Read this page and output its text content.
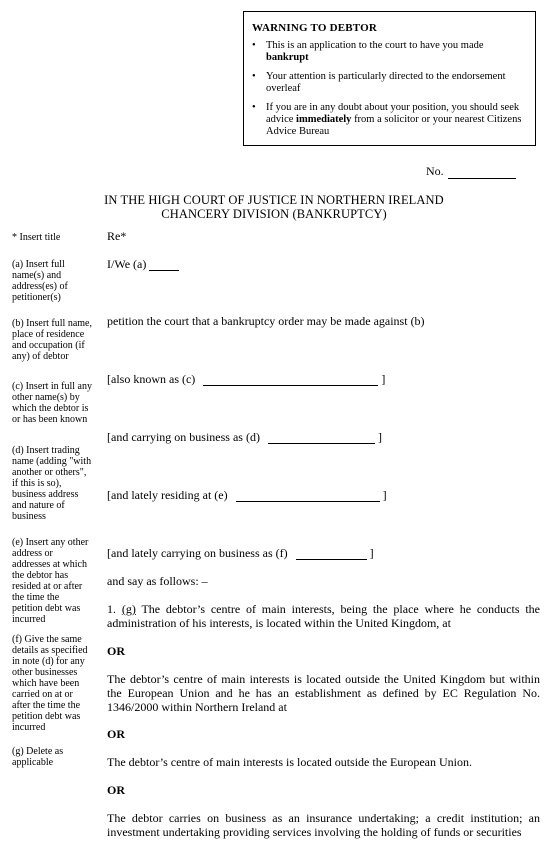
WARNING TO DEBTOR
• This is an application to the court to have you made bankrupt
• Your attention is particularly directed to the endorsement overleaf
• If you are in any doubt about your position, you should seek advice immediately from a solicitor or your nearest Citizens Advice Bureau
No.
IN THE HIGH COURT OF JUSTICE IN NORTHERN IRELAND
CHANCERY DIVISION (BANKRUPTCY)
* Insert title
(a) Insert full name(s) and address(es) of petitioner(s)
(b) Insert full name, place of residence and occupation (if any) of debtor
(c) Insert in full any other name(s) by which the debtor is or has been known
(d) Insert trading name (adding "with another or others", if this is so), business address and nature of business
(e) Insert any other address or addresses at which the debtor has resided at or after the time the petition debt was incurred
(f) Give the same details as specified in note (d) for any other businesses which have been carried on at or after the time the petition debt was incurred
(g) Delete as applicable
Re*
I/We (a)
petition the court that a bankruptcy order may be made against (b)
[also known as (c)	]
[and carrying on business as (d)	]
[and lately residing at (e)	]
[and lately carrying on business as (f)	]
and say as follows: –
1. (g) The debtor’s centre of main interests, being the place where he conducts the administration of his interests, is located within the United Kingdom, at
OR
The debtor’s centre of main interests is located outside the United Kingdom but within the European Union and he has an establishment as defined by EC Regulation No. 1346/2000 within Northern Ireland at
OR
The debtor’s centre of main interests is located outside the European Union.
OR
The debtor carries on business as an insurance undertaking; a credit institution; an investment undertaking providing services involving the holding of funds or securities
